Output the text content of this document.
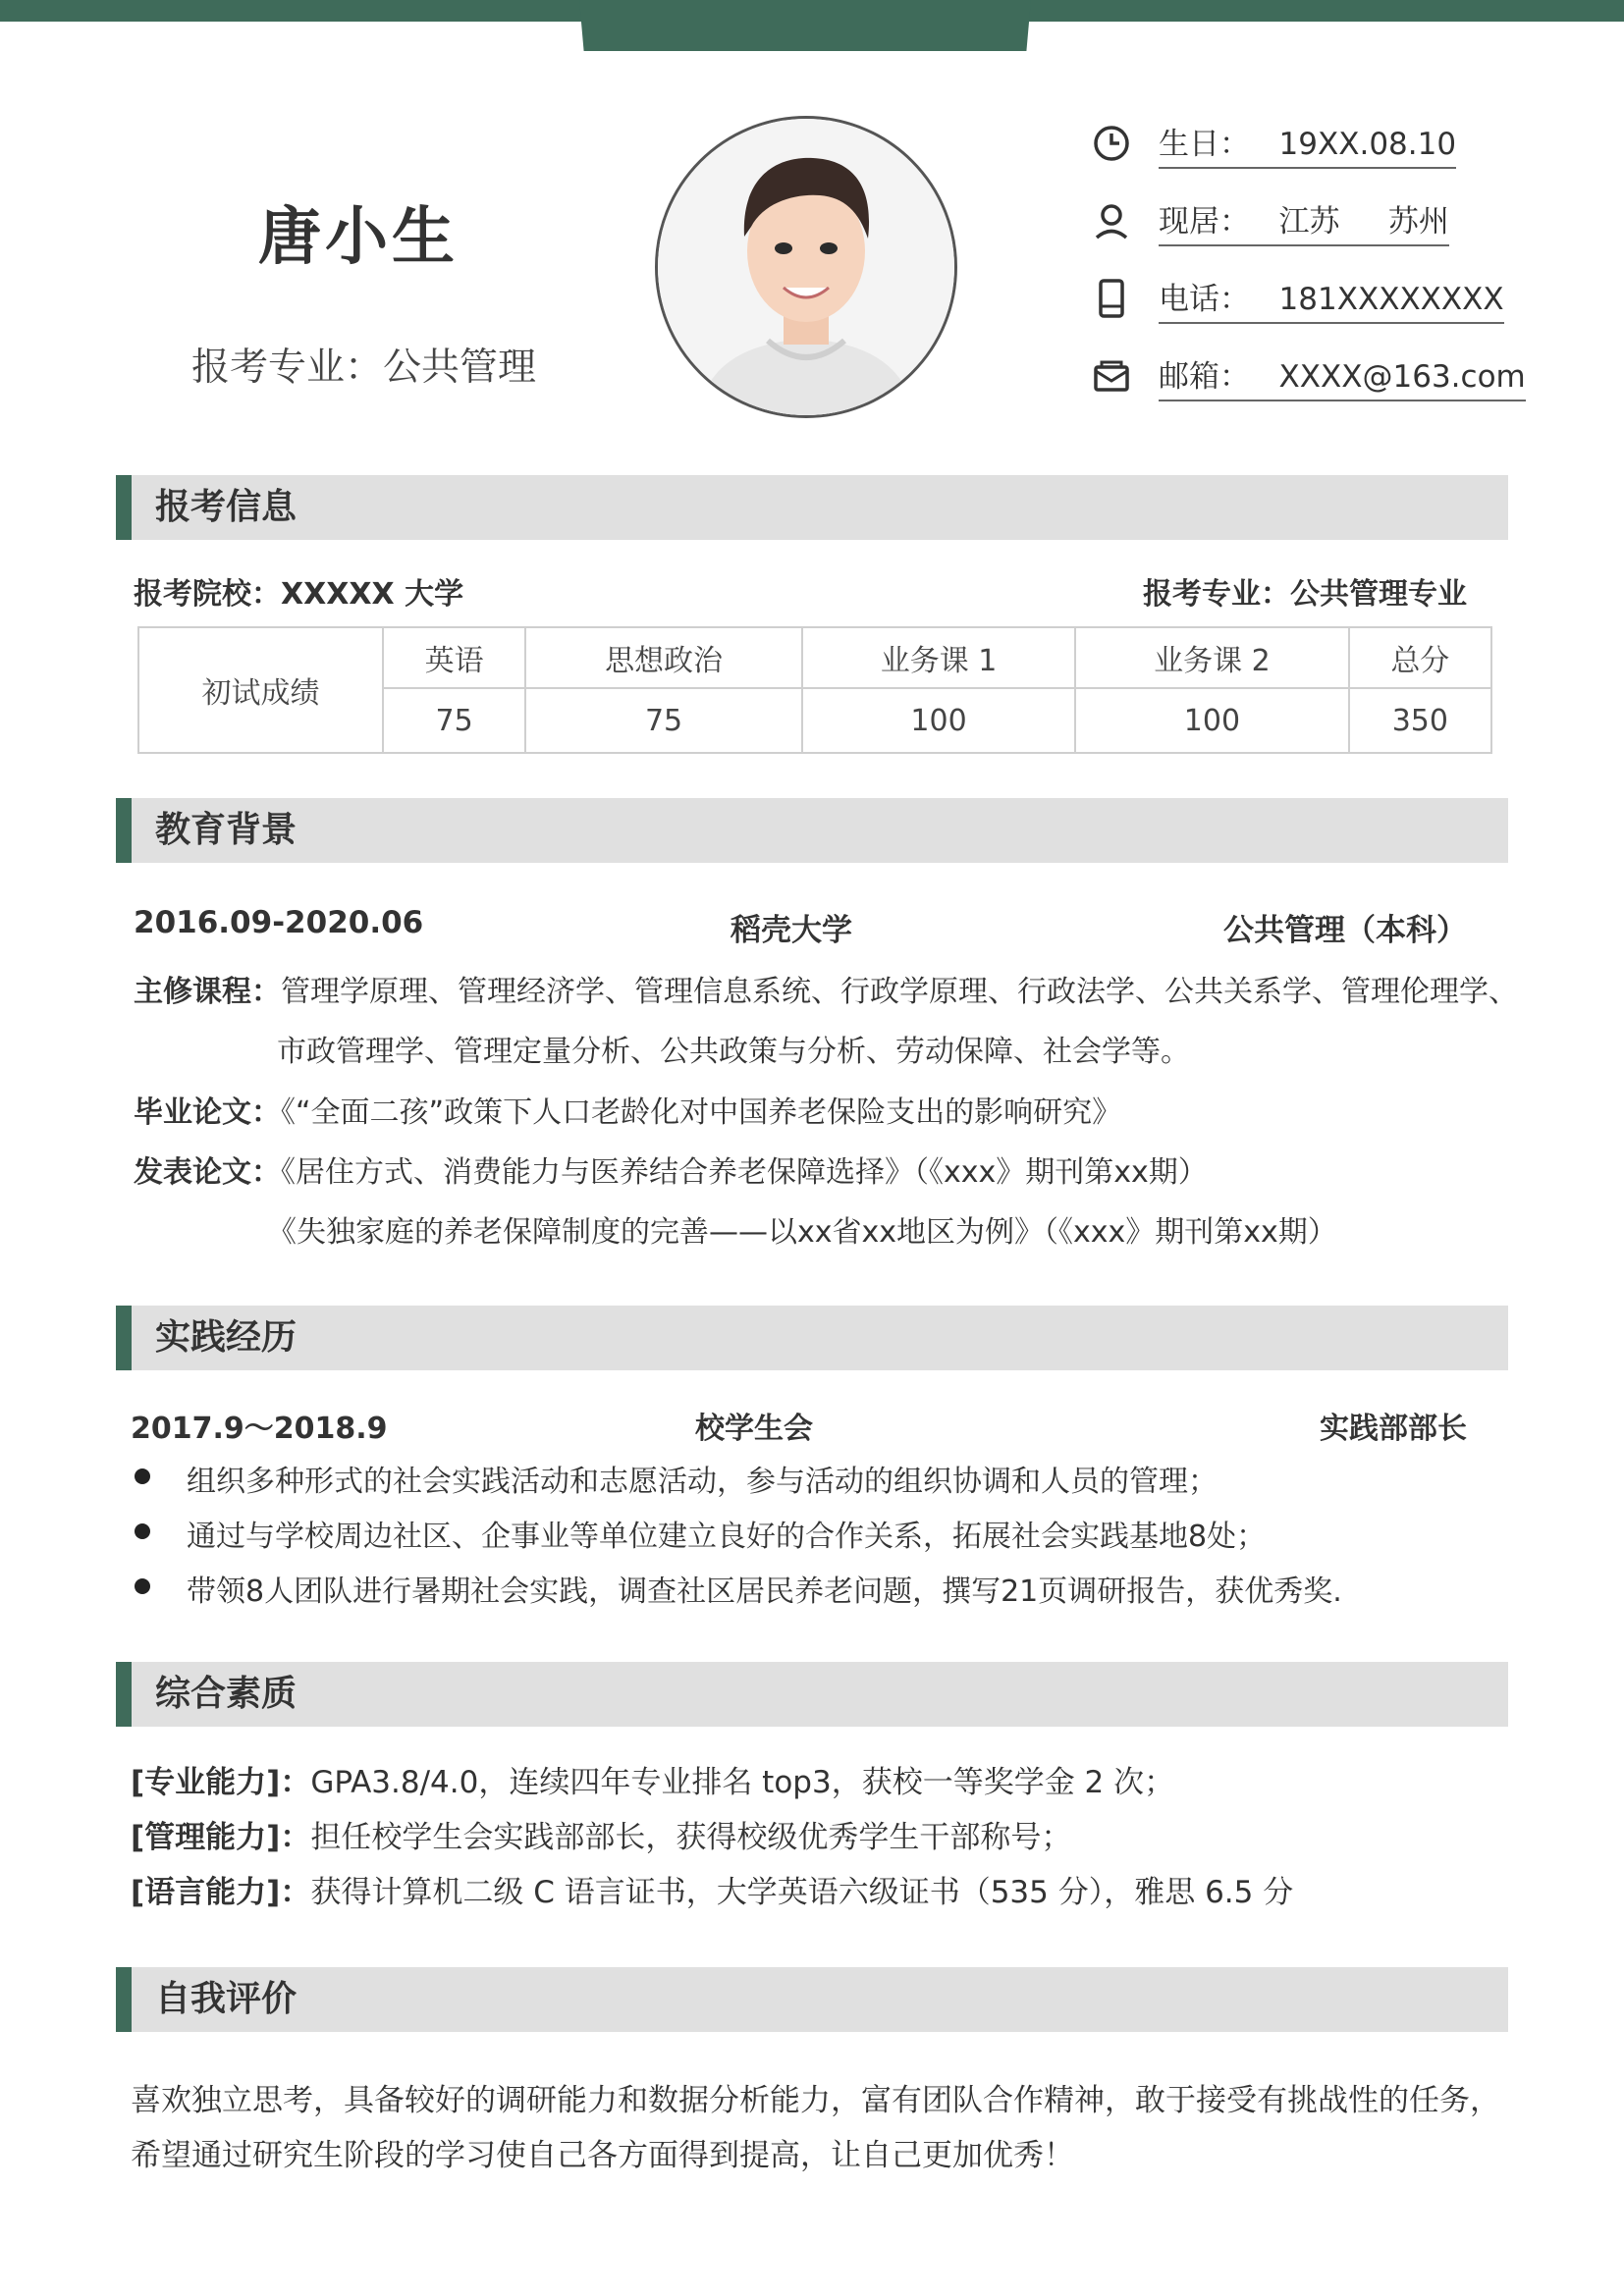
唐小生
报考专业：公共管理
生日：   19XX.08.10
现居：   江苏     苏州
电话：   181XXXXXXXX
邮箱：   XXXX@163.com
报考信息
报考院校：XXXXX 大学	报考专业：公共管理专业
初试成绩	英语	思想政治	业务课 1	业务课 2	总分
	75	75	100	100	350
教育背景
2016.09-2020.06	稻壳大学	公共管理（本科）
主修课程：管理学原理、管理经济学、管理信息系统、行政学原理、行政法学、公共关系学、管理伦理学、
市政管理学、管理定量分析、公共政策与分析、劳动保障、社会学等。
毕业论文：《“全面二孩”政策下人口老龄化对中国养老保险支出的影响研究》
发表论文：《居住方式、消费能力与医养结合养老保障选择》（《xxx》期刊第xx期）
《失独家庭的养老保障制度的完善——以xx省xx地区为例》（《xxx》期刊第xx期）
实践经历
2017.9～2018.9	校学生会	实践部部长
组织多种形式的社会实践活动和志愿活动，参与活动的组织协调和人员的管理；
通过与学校周边社区、企事业等单位建立良好的合作关系，拓展社会实践基地8处；
带领8人团队进行暑期社会实践，调查社区居民养老问题，撰写21页调研报告，获优秀奖.
综合素质
[专业能力]：GPA3.8/4.0，连续四年专业排名 top3，获校一等奖学金 2 次；
[管理能力]：担任校学生会实践部部长，获得校级优秀学生干部称号；
[语言能力]：获得计算机二级 C 语言证书，大学英语六级证书（535 分），雅思 6.5 分
自我评价
喜欢独立思考，具备较好的调研能力和数据分析能力，富有团队合作精神，敢于接受有挑战性的任务，
希望通过研究生阶段的学习使自己各方面得到提高，让自己更加优秀！
